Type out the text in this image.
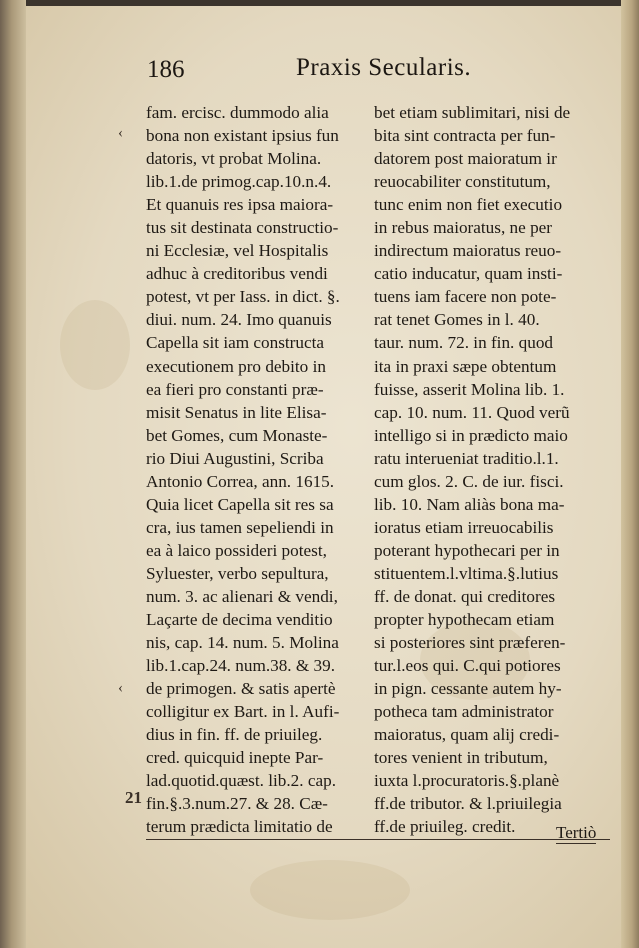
186	Praxis Secularis.
fam. ercisc. dummodo alia
bona non existant ipsius fun
datoris, vt probat Molina.
lib.1.de primog.cap.10.n.4.
Et quanuis res ipsa maiora-
tus sit destinata constructio-
ni Ecclesiæ, vel Hospitalis
adhuc à creditoribus vendi
potest, vt per Iass. in dict. §.
diui. num. 24. Imo quanuis
Capella sit iam constructa
executionem pro debito in
ea fieri pro constanti præ-
misit Senatus in lite Elisa-
bet Gomes, cum Monaste-
rio Diui Augustini, Scriba
Antonio Correa, ann. 1615.
Quia licet Capella sit res sa
cra, ius tamen sepeliendi in
ea à laico possideri potest,
Syluester, verbo sepultura,
num. 3. ac alienari & vendi,
Laçarte de decima venditio
nis, cap. 14. num. 5. Molina
lib.1.cap.24. num.38. & 39.
de primogen. & satis apertè
colligitur ex Bart. in l. Aufi-
dius in fin. ff. de priuileg.
cred. quicquid inepte Par-
lad.quotid.quæst. lib.2. cap.
fin.§.3.num.27. & 28. Cæ-
terum prædicta limitatio de
bet etiam sublimitari, nisi de
bita sint contracta per fun-
datorem post maioratum ir
reuocabiliter constitutum,
tunc enim non fiet executio
in rebus maioratus, ne per
indirectum maioratus reuo-
catio inducatur, quam insti-
tuens iam facere non pote-
rat tenet Gomes in l. 40.
taur. num. 72. in fin. quod
ita in praxi sæpe obtentum
fuisse, asserit Molina lib. 1.
cap. 10. num. 11. Quod verũ
intelligo si in prædicto maio
ratu interueniat traditio.l.1.
cum glos. 2. C. de iur. fisci.
lib. 10. Nam aliàs bona ma-
ioratus etiam irreuocabilis
poterant hypothecari per in
stituentem.l.vltima.§.lutius
ff. de donat. qui creditores
propter hypothecam etiam
si posteriores sint præferen-
tur.l.eos qui. C.qui potiores
in pign. cessante autem hy-
potheca tam administrator
maioratus, quam alij credi-
tores venient in tributum,
iuxta l.procuratoris.§.planè
ff.de tributor. & l.priuilegia
ff.de priuileg. credit.
‹
‹
21
Tertiò
